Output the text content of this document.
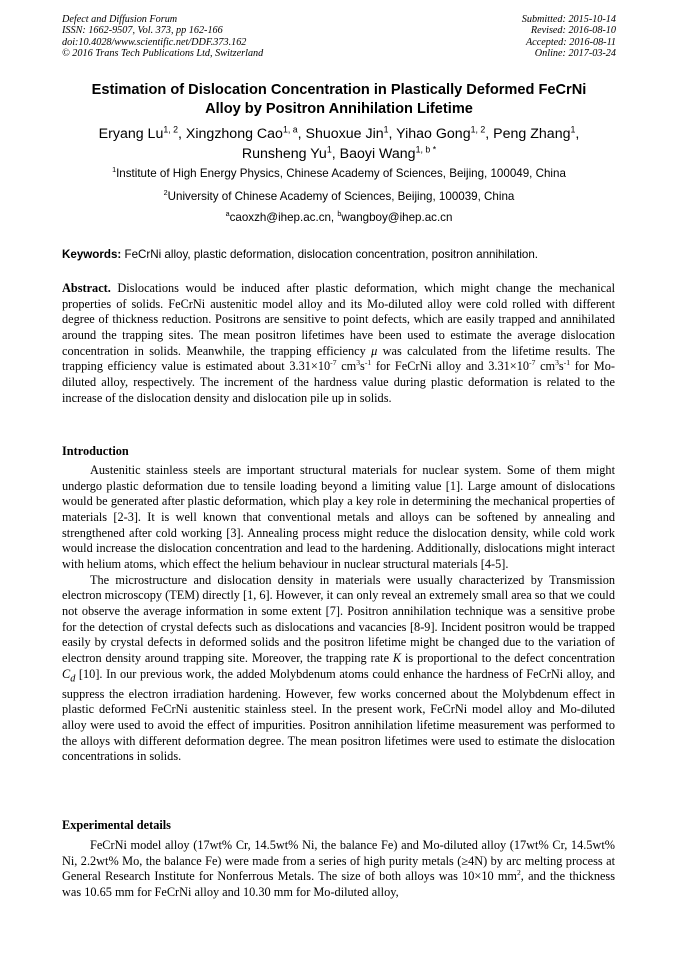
Defect and Diffusion Forum
ISSN: 1662-9507, Vol. 373, pp 162-166
doi:10.4028/www.scientific.net/DDF.373.162
© 2016 Trans Tech Publications Ltd, Switzerland
Submitted: 2015-10-14
Revised: 2016-08-10
Accepted: 2016-08-11
Online: 2017-03-24
Estimation of Dislocation Concentration in Plastically Deformed FeCrNi
Alloy by Positron Annihilation Lifetime
Eryang Lu$^{1, 2}$, Xingzhong Cao$^{1, a}$, Shuoxue Jin$^1$, Yihao Gong$^{1, 2}$, Peng Zhang$^1$,
Runsheng Yu$^1$, Baoyi Wang$^{1, b *}$
$^1$Institute of High Energy Physics, Chinese Academy of Sciences, Beijing, 100049, China
$^2$University of Chinese Academy of Sciences, Beijing, 100039, China
$^a$caoxzh@ihep.ac.cn, $^b$wangboy@ihep.ac.cn
Keywords: FeCrNi alloy, plastic deformation, dislocation concentration, positron annihilation.

Abstract. Dislocations would be induced after plastic deformation, which might change the mechanical properties of solids. FeCrNi austenitic model alloy and its Mo-diluted alloy were cold rolled with different degree of thickness reduction. Positrons are sensitive to point defects, which are easily trapped and annihilated around the trapping sites. The mean positron lifetimes have been used to estimate the average dislocation concentration in solids. Meanwhile, the trapping efficiency μ was calculated from the lifetime results. The trapping efficiency value is estimated about $3.31\times 10^{-7}$ $cm^3s^{-1}$ for FeCrNi alloy and $3.31\times 10^{-7}$ $cm^3s^{-1}$ for Mo-diluted alloy, respectively. The increment of the hardness value during plastic deformation is related to the increase of the dislocation density and dislocation pile up in solids.

Introduction

Austenitic stainless steels are important structural materials for nuclear system. Some of them might undergo plastic deformation due to tensile loading beyond a limiting value [1]. Large amount of dislocations would be generated after plastic deformation, which play a key role in determining the mechanical properties of materials [2-3]. It is well known that conventional metals and alloys can be softened by annealing and strengthened after cold working [3]. Annealing process might reduce the dislocation density, while cold work would increase the dislocation concentration and lead to the hardening. Additionally, dislocations might interact with helium atoms, which effect the helium behaviour in nuclear structural materials [4-5].

The microstructure and dislocation density in materials were usually characterized by Transmission electron microscopy (TEM) directly [1, 6]. However, it can only reveal an extremely small area so that we could not observe the average information in some extent [7]. Positron annihilation technique was a sensitive probe for the detection of crystal defects such as dislocations and vacancies [8-9]. Incident positron would be trapped easily by crystal defects in deformed solids and the positron lifetime might be changed due to the variation of electron density around trapping site. Moreover, the trapping rate K is proportional to the defect concentration $C_d$ [10]. In our previous work, the added Molybdenum atoms could enhance the hardness of FeCrNi alloy, and suppress the electron irradiation hardening. However, few works concerned about the Molybdenum effect in plastic deformed FeCrNi austenitic stainless steel. In the present work, FeCrNi model alloy and Mo-diluted alloy were used to avoid the effect of impurities. Positron annihilation lifetime measurement was performed to the alloys with different deformation degree. The mean positron lifetimes were used to estimate the dislocation concentrations in solids.

Experimental details

FeCrNi model alloy (17wt% Cr, 14.5wt% Ni, the balance Fe) and Mo-diluted alloy (17wt% Cr, 14.5wt% Ni, 2.2wt% Mo, the balance Fe) were made from a series of high purity metals (≥4N) by arc melting process at General Research Institute for Nonferrous Metals. The size of both alloys was 10×10 $mm^2$, and the thickness was 10.65 mm for FeCrNi alloy and 10.30 mm for Mo-diluted alloy,
